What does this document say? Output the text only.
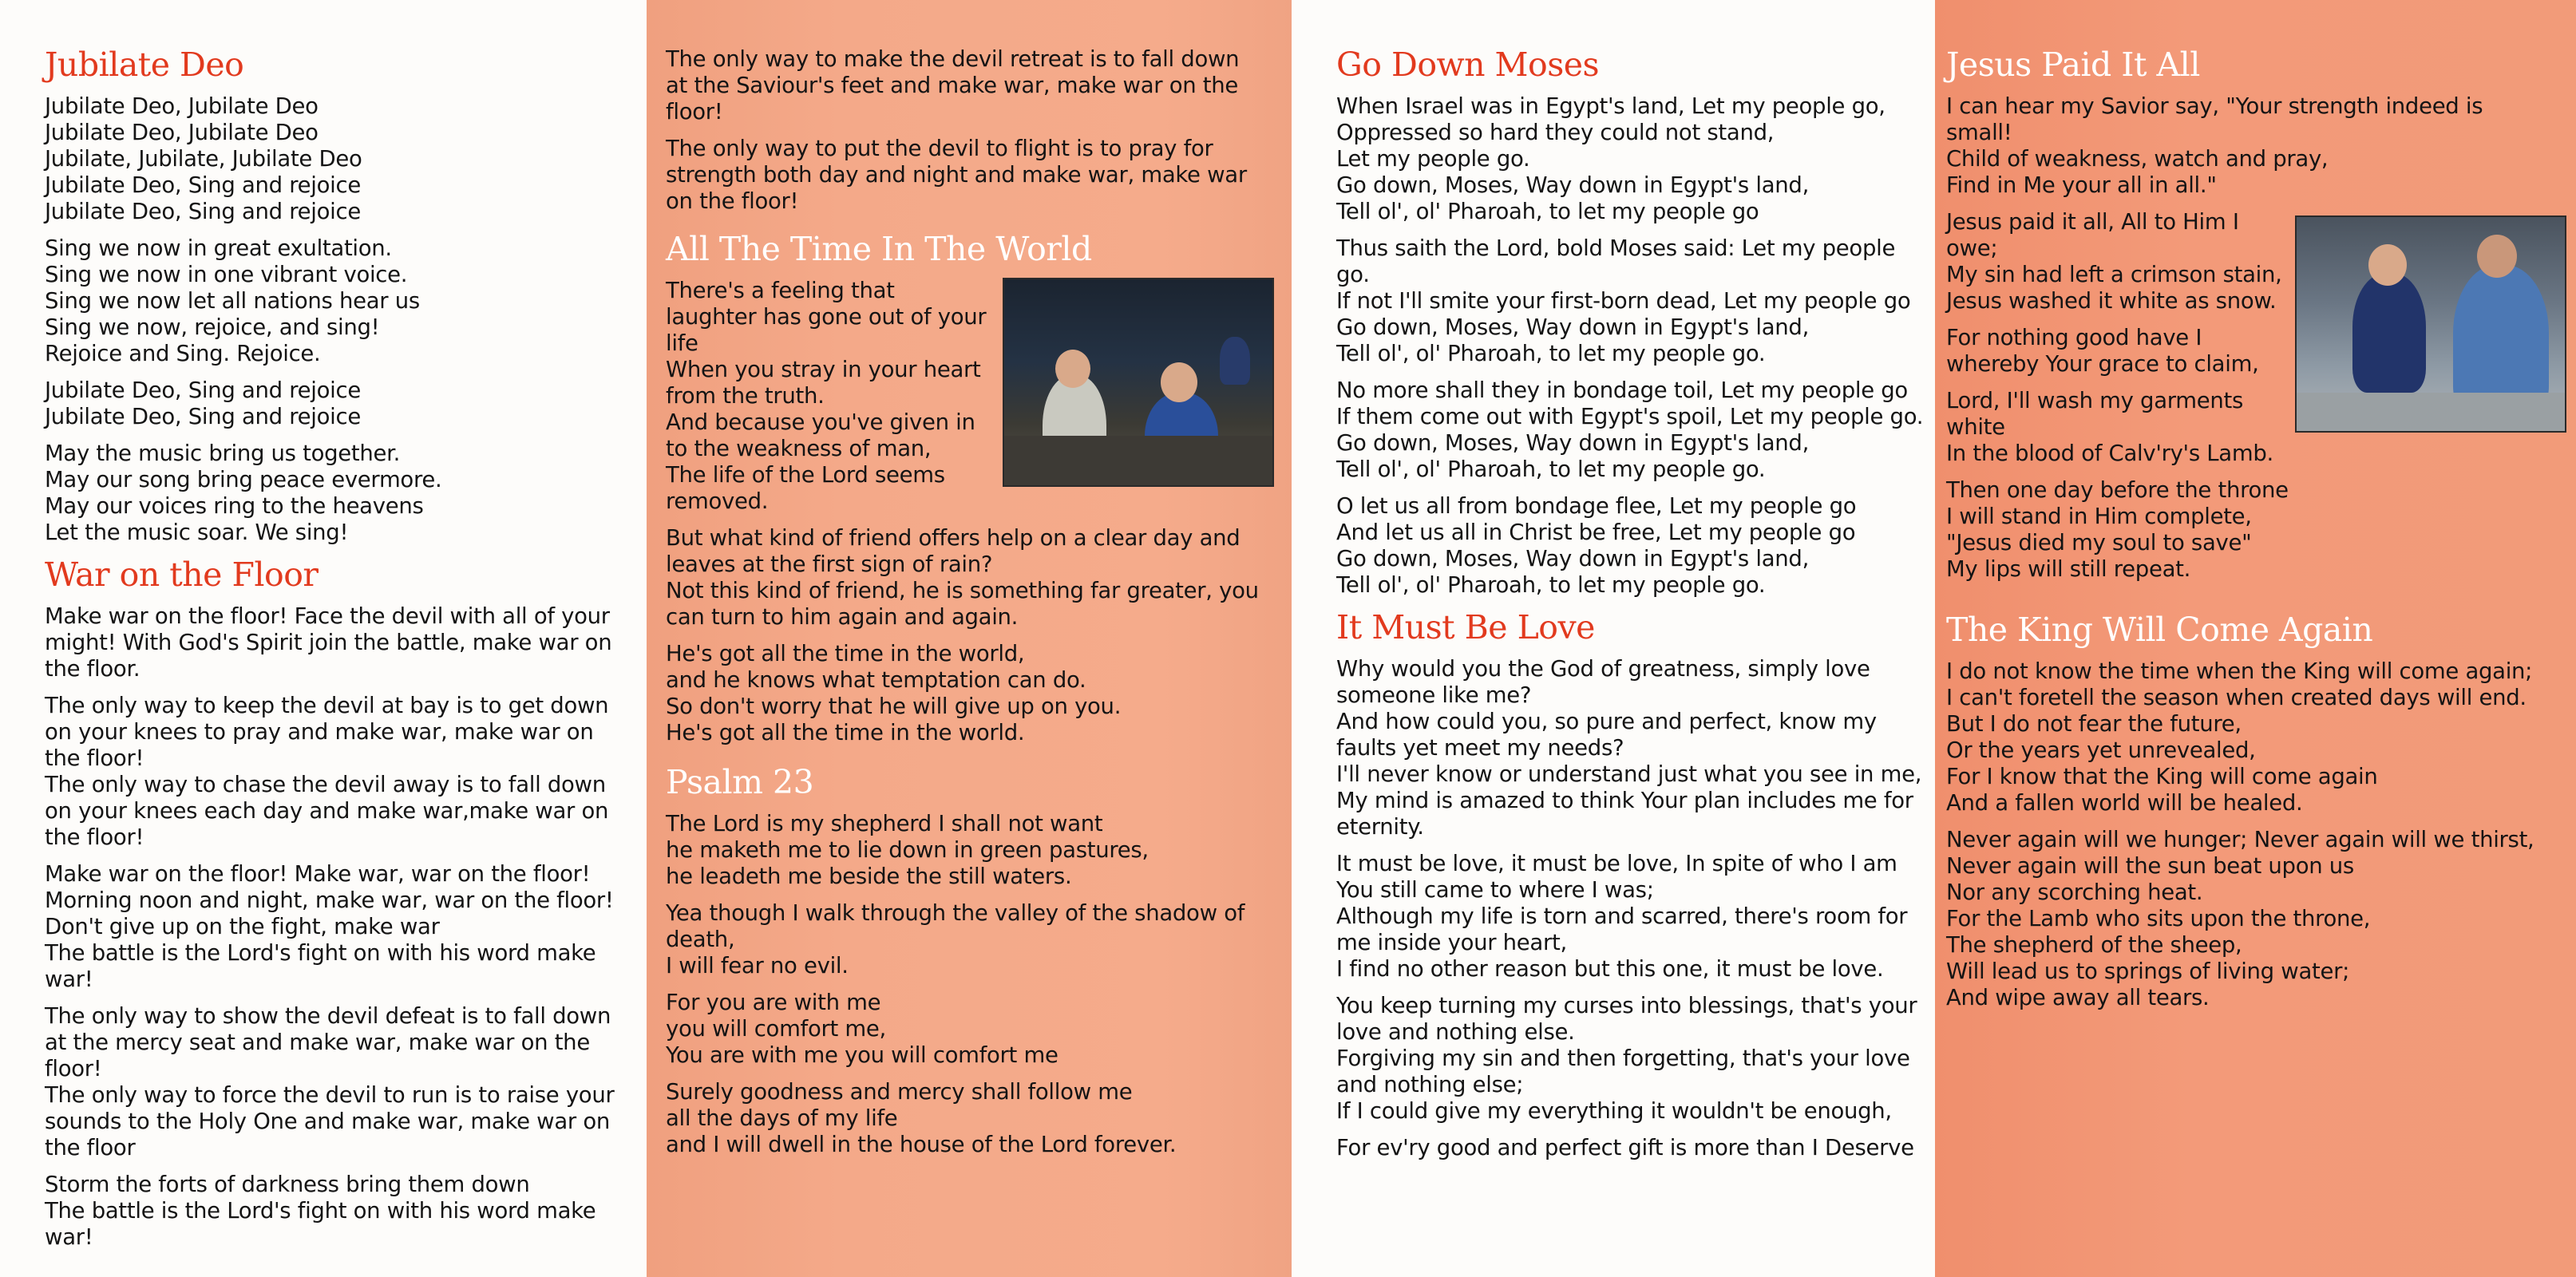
Jubilate Deo

Jubilate Deo, Jubilate Deo
Jubilate Deo, Jubilate Deo
Jubilate, Jubilate, Jubilate Deo
Jubilate Deo, Sing and rejoice
Jubilate Deo, Sing and rejoice

Sing we now in great exultation.
Sing we now in one vibrant voice.
Sing we now let all nations hear us
Sing we now, rejoice, and sing!
Rejoice and Sing. Rejoice.

Jubilate Deo, Sing and rejoice
Jubilate Deo, Sing and rejoice

May the music bring us together.
May our song bring peace evermore.
May our voices ring to the heavens
Let the music soar. We sing!

War on the Floor

Make war on the floor! Face the devil with all of your might! With God's Spirit join the battle, make war on the floor.

The only way to keep the devil at bay is to get down on your knees to pray and make war, make war on the floor!
The only way to chase the devil away is to fall down on your knees each day and make war,make war on the floor!

Make war on the floor! Make war, war on the floor!
Morning noon and night, make war, war on the floor!
Don't give up on the fight, make war
The battle is the Lord's fight on with his word make war!

The only way to show the devil defeat is to fall down at the mercy seat and make war, make war on the floor!
The only way to force the devil to run is to raise your sounds to the Holy One and make war, make war on the floor

Storm the forts of darkness bring them down
The battle is the Lord's fight on with his word make war!

The only way to make the devil retreat is to fall down at the Saviour's feet and make war, make war on the floor!

The only way to put the devil to flight is to pray for strength both day and night and make war, make war on the floor!

All The Time In The World

There's a feeling that laughter has gone out of your life
When you stray in your heart from the truth.
And because you've given in to the weakness of man,
The life of the Lord seems removed.

But what kind of friend offers help on a clear day and leaves at the first sign of rain?
Not this kind of friend, he is something far greater, you can turn to him again and again.

He's got all the time in the world,
and he knows what temptation can do.
So don't worry that he will give up on you.
He's got all the time in the world.

Psalm 23

The Lord is my shepherd I shall not want
he maketh me to lie down in green pastures,
he leadeth me beside the still waters.

Yea though I walk through the valley of the shadow of death,
I will fear no evil.

For you are with me
you will comfort me,
You are with me you will comfort me

Surely goodness and mercy shall follow me
all the days of my life
and I will dwell in the house of the Lord forever.

Go Down Moses

When Israel was in Egypt's land, Let my people go,
Oppressed so hard they could not stand,
Let my people go.
Go down, Moses, Way down in Egypt's land,
Tell ol', ol' Pharoah, to let my people go

Thus saith the Lord, bold Moses said: Let my people go.
If not I'll smite your first-born dead, Let my people go
Go down, Moses, Way down in Egypt's land,
Tell ol', ol' Pharoah, to let my people go.

No more shall they in bondage toil, Let my people go
If them come out with Egypt's spoil, Let my people go.
Go down, Moses, Way down in Egypt's land,
Tell ol', ol' Pharoah, to let my people go.

O let us all from bondage flee, Let my people go
And let us all in Christ be free, Let my people go
Go down, Moses, Way down in Egypt's land,
Tell ol', ol' Pharoah, to let my people go.

It Must Be Love

Why would you the God of greatness, simply love someone like me?
And how could you, so pure and perfect, know my faults yet meet my needs?
I'll never know or understand just what you see in me,
My mind is amazed to think Your plan includes me for eternity.

It must be love, it must be love, In spite of who I am
You still came to where I was;
Although my life is torn and scarred, there's room for me inside your heart,
I find no other reason but this one, it must be love.

You keep turning my curses into blessings, that's your love and nothing else.
Forgiving my sin and then forgetting, that's your love and nothing else;
If I could give my everything it wouldn't be enough,

For ev'ry good and perfect gift is more than I Deserve

Jesus Paid It All

I can hear my Savior say, "Your strength indeed is small!
Child of weakness, watch and pray,
Find in Me your all in all."

Jesus paid it all, All to Him I owe;
My sin had left a crimson stain,
Jesus washed it white as snow.

For nothing good have I whereby Your grace to claim,

Lord, I'll wash my garments white
In the blood of Calv'ry's Lamb.

Then one day before the throne
I will stand in Him complete,
"Jesus died my soul to save"
My lips will still repeat.

The King Will Come Again

I do not know the time when the King will come again;
I can't foretell the season when created days will end.
But I do not fear the future,
Or the years yet unrevealed,
For I know that the King will come again
And a fallen world will be healed.

Never again will we hunger; Never again will we thirst,
Never again will the sun beat upon us
Nor any scorching heat.
For the Lamb who sits upon the throne,
The shepherd of the sheep,
Will lead us to springs of living water;
And wipe away all tears.
